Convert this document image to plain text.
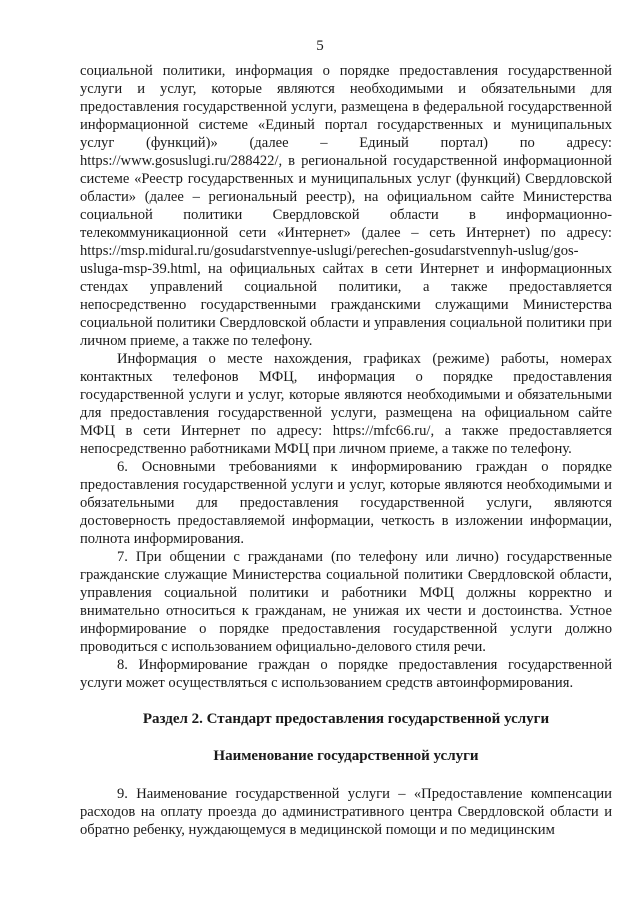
5

социальной политики, информация о порядке предоставления государственной услуги и услуг, которые являются необходимыми и обязательными для предоставления государственной услуги, размещена в федеральной государственной информационной системе «Единый портал государственных и муниципальных услуг (функций)» (далее – Единый портал) по адресу: https://www.gosuslugi.ru/288422/, в региональной государственной информационной системе «Реестр государственных и муниципальных услуг (функций) Свердловской области» (далее – региональный реестр), на официальном сайте Министерства социальной политики Свердловской области в информационно-телекоммуникационной сети «Интернет» (далее – сеть Интернет) по адресу: https://msp.midural.ru/gosudarstvennye-uslugi/perechen-gosudarstvennyh-uslug/gos-usluga-msp-39.html, на официальных сайтах в сети Интернет и информационных стендах управлений социальной политики, а также предоставляется непосредственно государственными гражданскими служащими Министерства социальной политики Свердловской области и управления социальной политики при личном приеме, а также по телефону.

Информация о месте нахождения, графиках (режиме) работы, номерах контактных телефонов МФЦ, информация о порядке предоставления государственной услуги и услуг, которые являются необходимыми и обязательными для предоставления государственной услуги, размещена на официальном сайте МФЦ в сети Интернет по адресу: https://mfc66.ru/, а также предоставляется непосредственно работниками МФЦ при личном приеме, а также по телефону.

6. Основными требованиями к информированию граждан о порядке предоставления государственной услуги и услуг, которые являются необходимыми и обязательными для предоставления государственной услуги, являются достоверность предоставляемой информации, четкость в изложении информации, полнота информирования.

7. При общении с гражданами (по телефону или лично) государственные гражданские служащие Министерства социальной политики Свердловской области, управления социальной политики и работники МФЦ должны корректно и внимательно относиться к гражданам, не унижая их чести и достоинства. Устное информирование о порядке предоставления государственной услуги должно проводиться с использованием официально-делового стиля речи.

8. Информирование граждан о порядке предоставления государственной услуги может осуществляться с использованием средств автоинформирования.

Раздел 2. Стандарт предоставления государственной услуги
Наименование государственной услуги

9. Наименование государственной услуги – «Предоставление компенсации расходов на оплату проезда до административного центра Свердловской области и обратно ребенку, нуждающемуся в медицинской помощи и по медицинским
